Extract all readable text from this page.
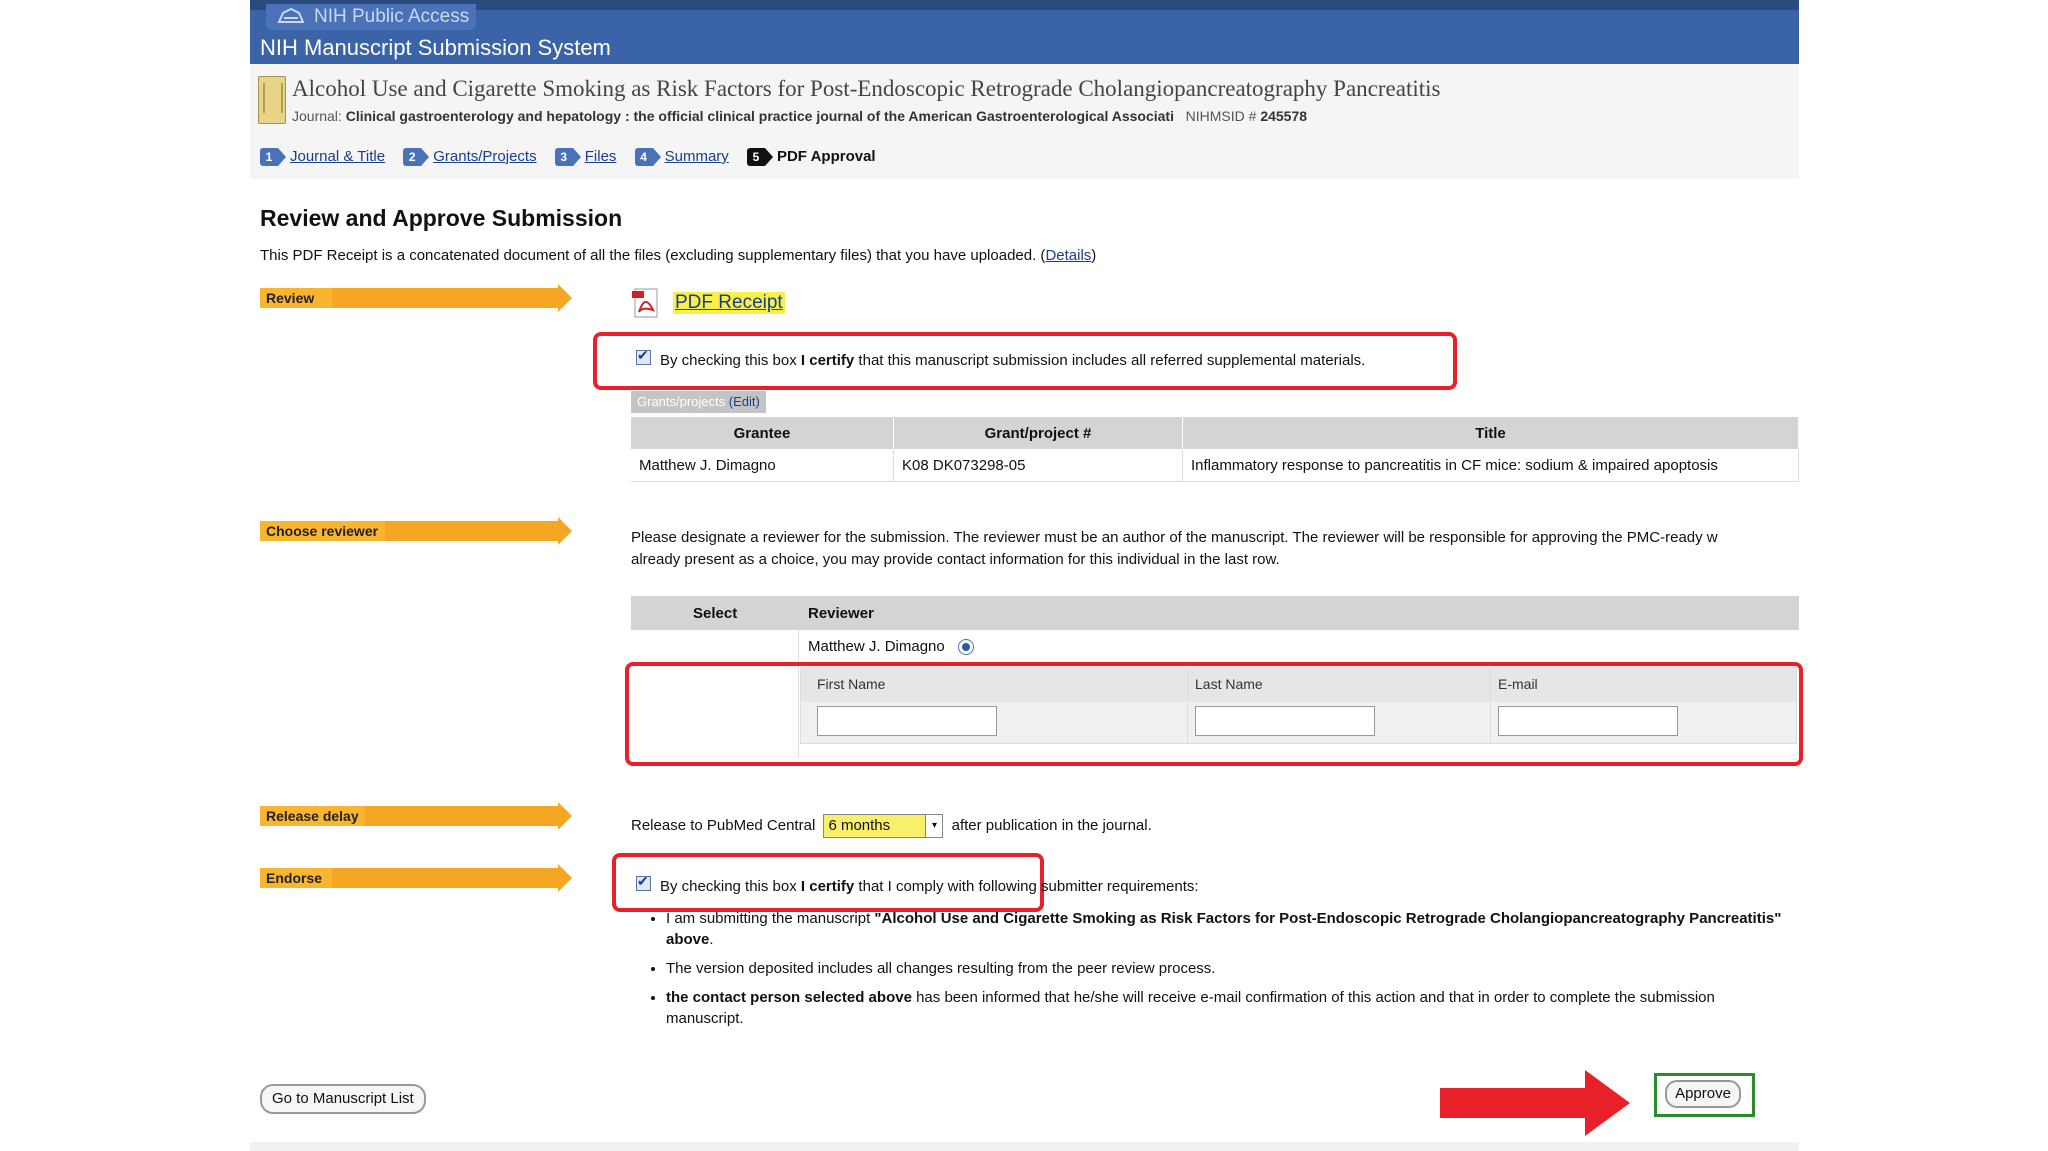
NIH Public Access
NIH Manuscript Submission System
Alcohol Use and Cigarette Smoking as Risk Factors for Post-Endoscopic Retrograde Cholangiopancreatography Pancreatitis
Journal: Clinical gastroenterology and hepatology : the official clinical practice journal of the American Gastroenterological Associati NIHMSID # 245578
1 Journal & Title 2 Grants/Projects 3 Files 4 Summary 5 PDF Approval
Review and Approve Submission
This PDF Receipt is a concatenated document of all the files (excluding supplementary files) that you have uploaded. (Details)
Review
Choose reviewer
Release delay
Endorse
PDF Receipt
✔
By checking this box I certify that this manuscript submission includes all referred supplemental materials.
Grants/projects (Edit)
Grantee	Grant/project #	Title
Matthew J. Dimagno	K08 DK073298-05	Inflammatory response to pancreatitis in CF mice: sodium & impaired apoptosis
Please designate a reviewer for the submission. The reviewer must be an author of the manuscript. The reviewer will be responsible for approving the PMC-ready w
already present as a choice, you may provide contact information for this individual in the last row.
Select	Reviewer
Matthew J. Dimagno
First Name	Last Name	E-mail
Release to PubMed Central 6 months	▾ after publication in the journal.
✔
By checking this box I certify that I comply with following submitter requirements:
• I am submitting the manuscript "Alcohol Use and Cigarette Smoking as Risk Factors for Post-Endoscopic Retrograde Cholangiopancreatography Pancreatitis"
above.
• The version deposited includes all changes resulting from the peer review process.
• the contact person selected above has been informed that he/she will receive e-mail confirmation of this action and that in order to complete the submission
manuscript.
Go to Manuscript List	Approve
